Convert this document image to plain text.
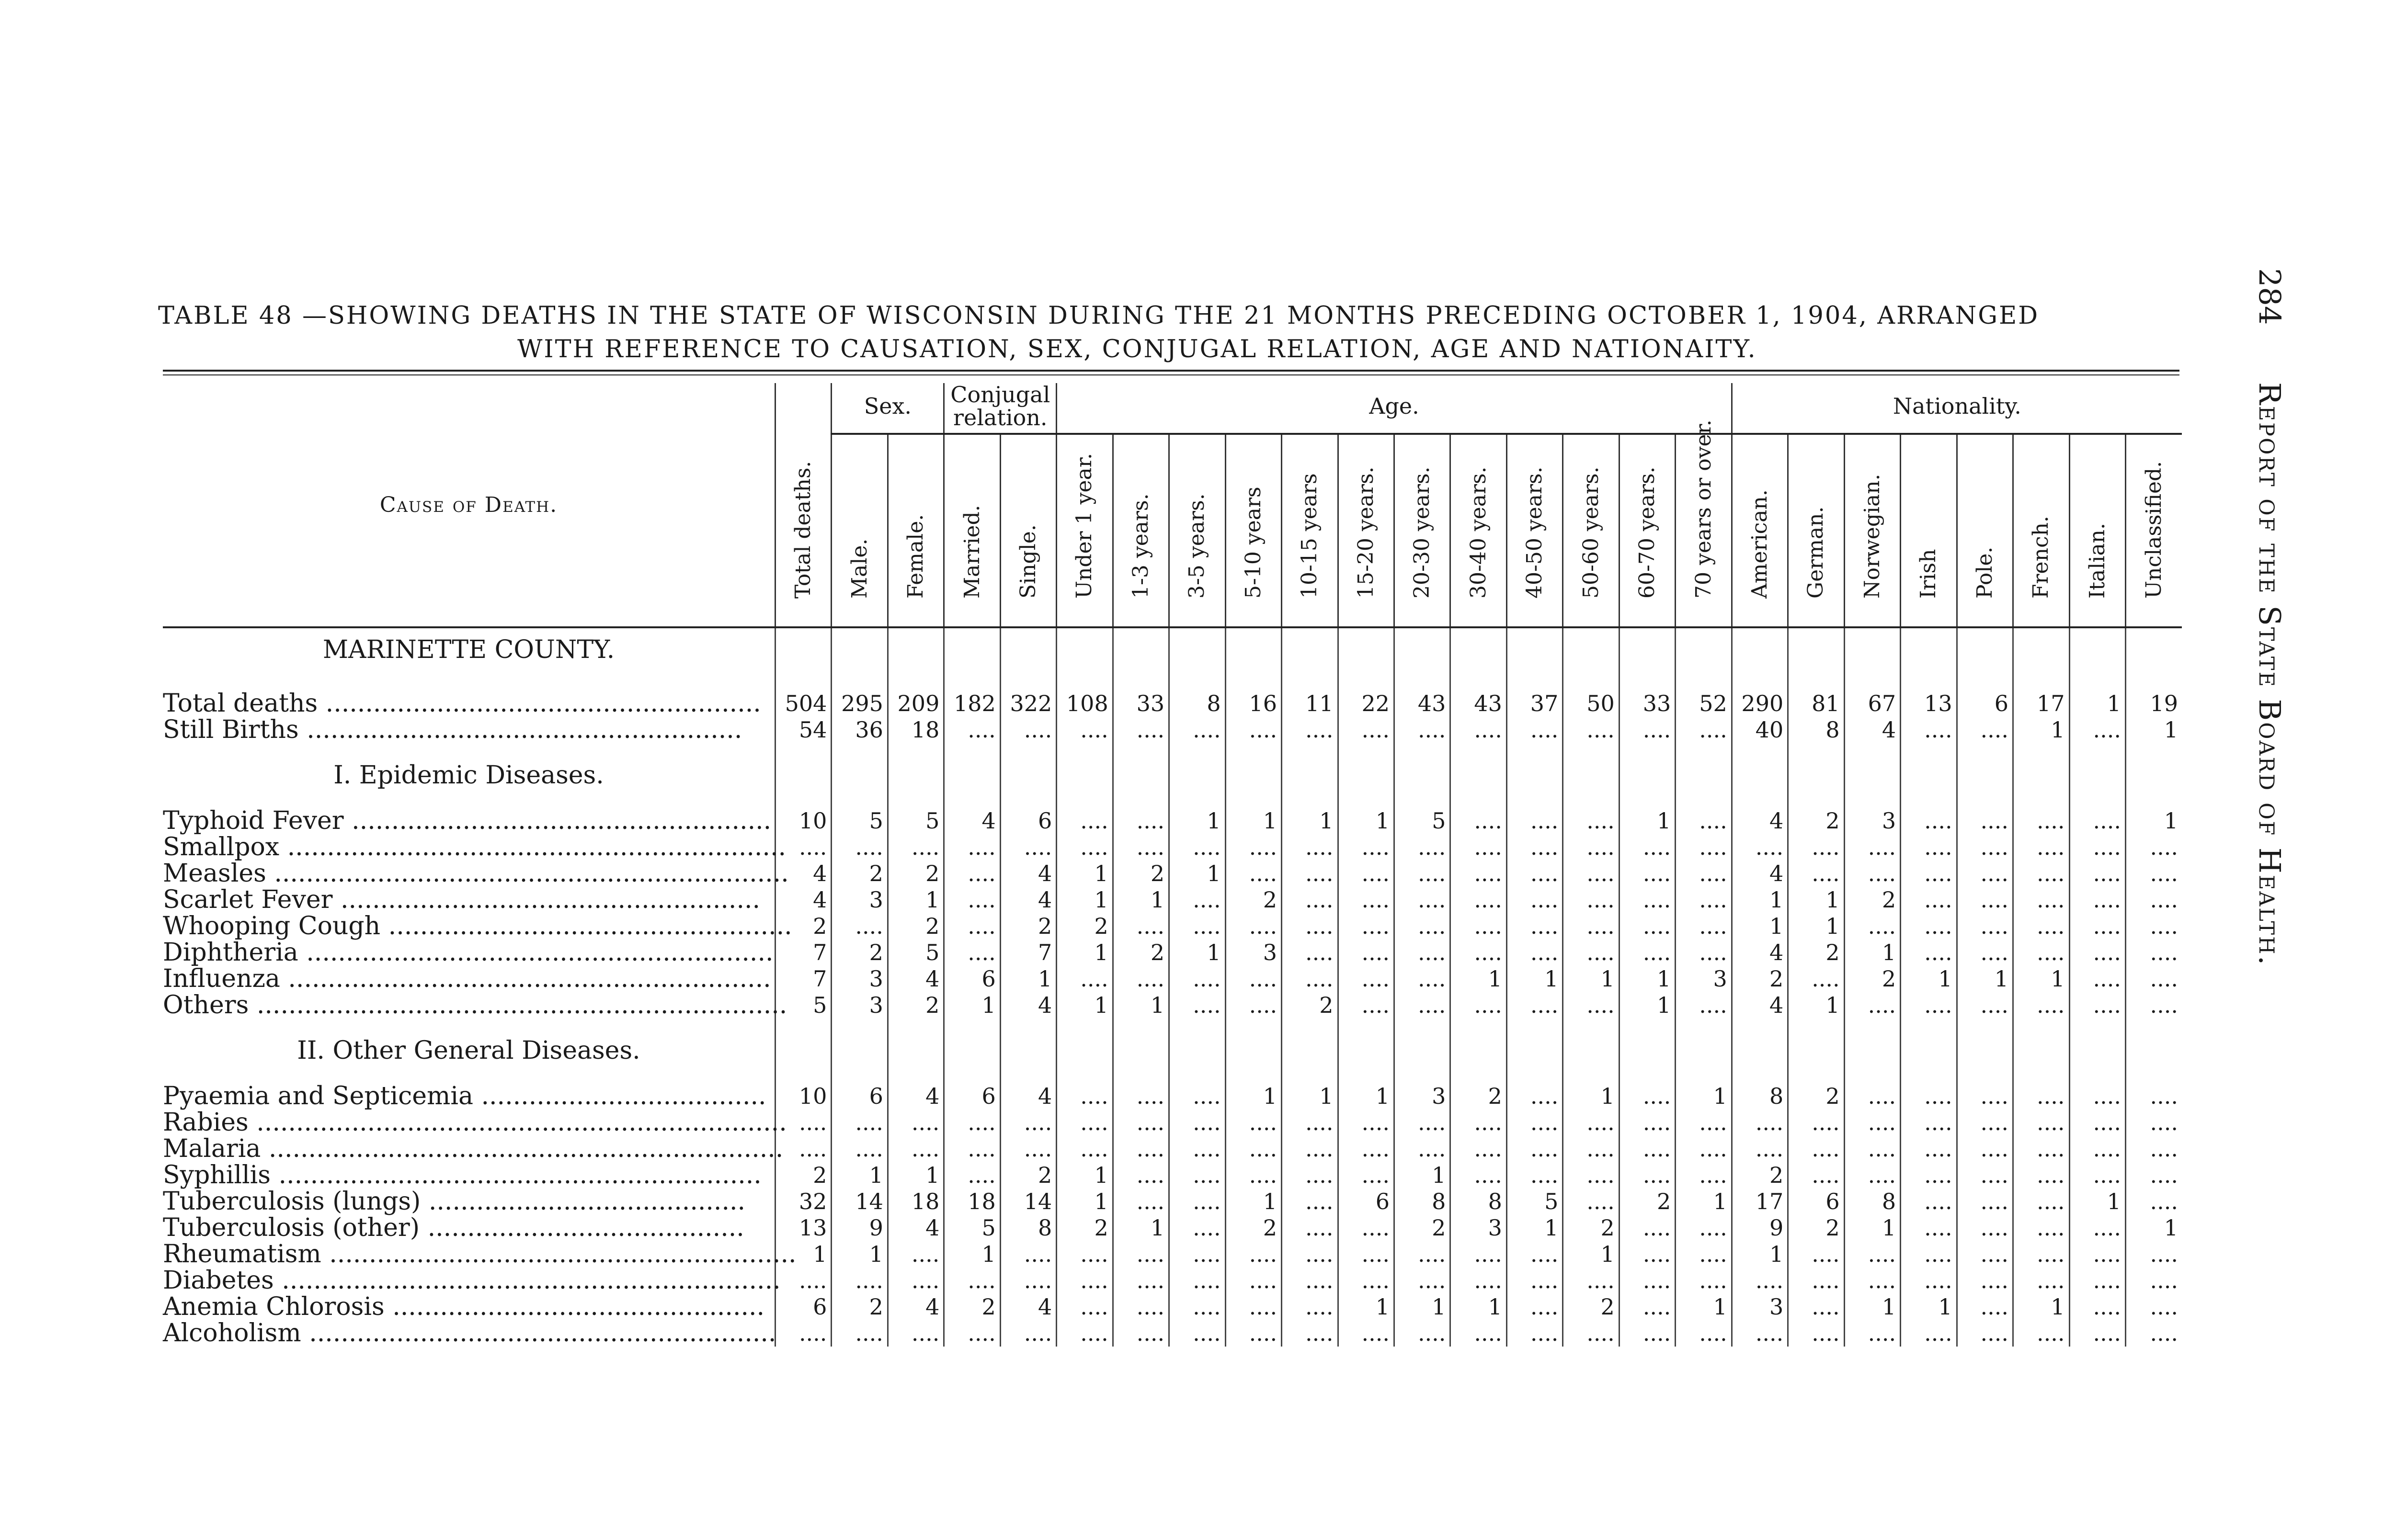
TABLE 48 —SHOWING DEATHS IN THE STATE OF WISCONSIN DURING THE 21 MONTHS PRECEDING OCTOBER 1, 1904, ARRANGED
WITH REFERENCE TO CAUSATION, SEX, CONJUGAL RELATION, AGE AND NATIONAITY.
284 Report of the State Board of Health.
Cause of Death.	Total deaths.	Sex.		Conjugal relation.		Age.												Nationality.							

		Male.	Female.	Married.	Single.	Under 1 year.	1-3 years.	3-5 years.	5-10 years	10-15 years	15-20 years.	20-30 years.	30-40 years.	40-50 years.	50-60 years.	60-70 years.	70 years or over.	American.	German.	Norwegian.	Irish	Pole.	French.	Italian.	Unclassified.

MARINETTE COUNTY.																									

Total deaths .......................................................	504	295	209	182	322	108	33	8	16	11	22	43	43	37	50	33	52	290	81	67	13	6	17	1	19
Still Births .......................................................	54	36	18	....	....	....	....	....	....	....	....	....	....	....	....	....	....	40	8	4	....	....	1	....	1

I. Epidemic Diseases.																									

Typhoid Fever .....................................................	10	5	5	4	6	....	....	1	1	1	1	5	....	....	....	1	....	4	2	3	....	....	....	....	1
Smallpox ...............................................................	....	....	....	....	....	....	....	....	....	....	....	....	....	....	....	....	....	....	....	....	....	....	....	....	....
Measles .................................................................	4	2	2	....	4	1	2	1	....	....	....	....	....	....	....	....	....	4	....	....	....	....	....	....	....
Scarlet Fever .....................................................	4	3	1	....	4	1	1	....	2	....	....	....	....	....	....	....	....	1	1	2	....	....	....	....	....
Whooping Cough ...................................................	2	....	2	....	2	2	....	....	....	....	....	....	....	....	....	....	....	1	1	....	....	....	....	....	....
Diphtheria ...........................................................	7	2	5	....	7	1	2	1	3	....	....	....	....	....	....	....	....	4	2	1	....	....	....	....	....
Influenza .............................................................	7	3	4	6	1	....	....	....	....	....	....	....	1	1	1	1	3	2	....	2	1	1	1	....	....
Others ...................................................................	5	3	2	1	4	1	1	....	....	2	....	....	....	....	....	1	....	4	1	....	....	....	....	....	....

II. Other General Diseases.																									

Pyaemia and Septicemia ....................................	10	6	4	6	4	....	....	....	1	1	1	3	2	....	1	....	1	8	2	....	....	....	....	....	....
Rabies ...................................................................	....	....	....	....	....	....	....	....	....	....	....	....	....	....	....	....	....	....	....	....	....	....	....	....	....
Malaria .................................................................	....	....	....	....	....	....	....	....	....	....	....	....	....	....	....	....	....	....	....	....	....	....	....	....	....
Syphillis .............................................................	2	1	1	....	2	1	....	....	....	....	....	1	....	....	....	....	....	2	....	....	....	....	....	....	....
Tuberculosis (lungs) ........................................	32	14	18	18	14	1	....	....	1	....	6	8	8	5	....	2	1	17	6	8	....	....	....	1	....
Tuberculosis (other) ........................................	13	9	4	5	8	2	1	....	2	....	....	2	3	1	2	....	....	9	2	1	....	....	....	....	1
Rheumatism ...........................................................	1	1	....	1	....	....	....	....	....	....	....	....	....	....	1	....	....	1	....	....	....	....	....	....	....
Diabetes ...............................................................	....	....	....	....	....	....	....	....	....	....	....	....	....	....	....	....	....	....	....	....	....	....	....	....	....
Anemia Chlorosis ...............................................	6	2	4	2	4	....	....	....	....	....	1	1	1	....	2	....	1	3	....	1	1	....	1	....	....
Alcoholism ...........................................................	....	....	....	....	....	....	....	....	....	....	....	....	....	....	....	....	....	....	....	....	....	....	....	....	....
